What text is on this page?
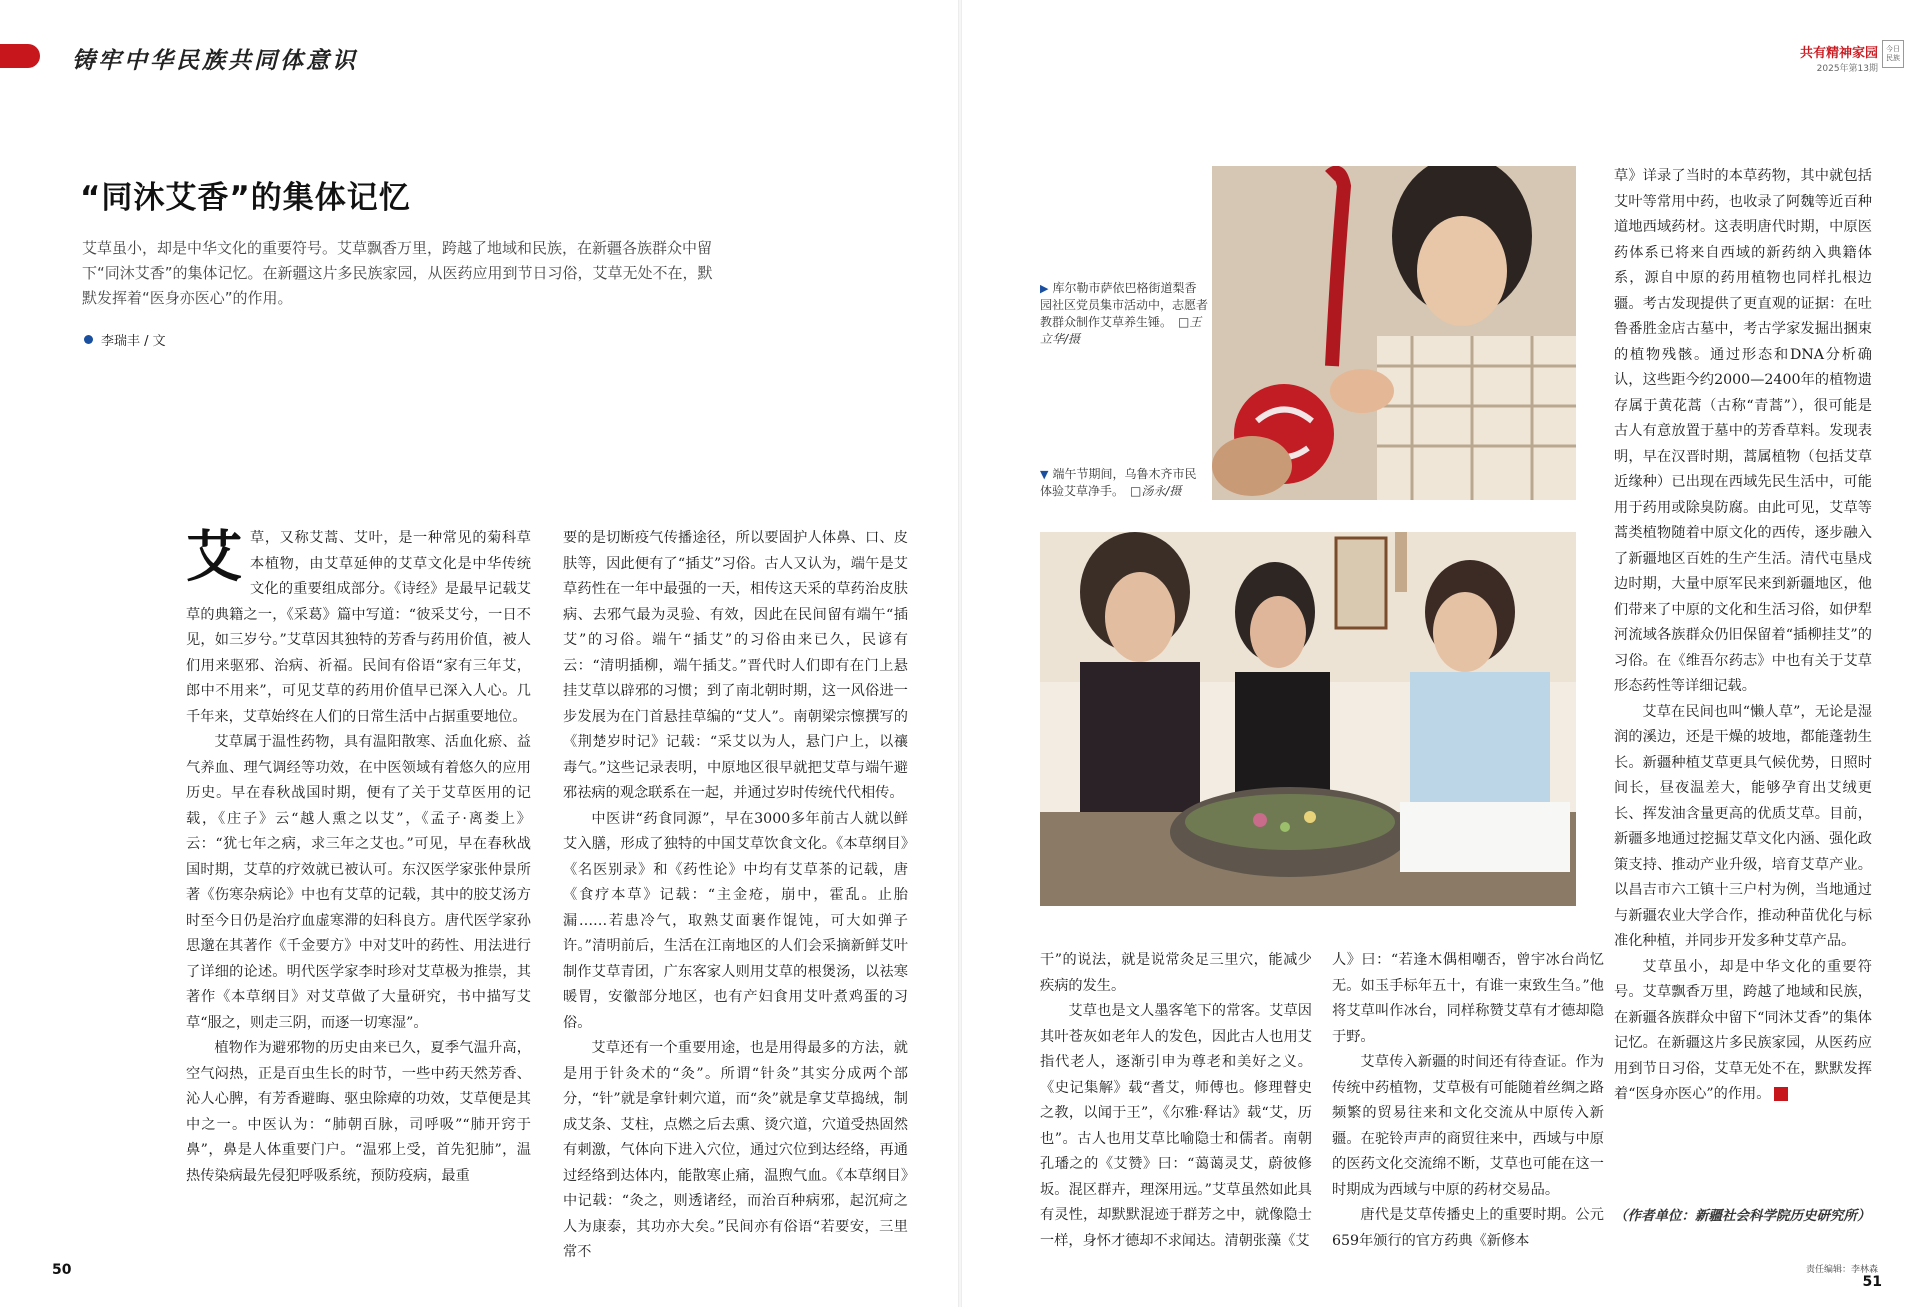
铸牢中华民族共同体意识
“同沐艾香”的集体记忆

艾草虽小，却是中华文化的重要符号。艾草飘香万里，跨越了地域和民族，在新疆各族群众中留下“同沐艾香”的集体记忆。在新疆这片多民族家园，从医药应用到节日习俗，艾草无处不在，默默发挥着“医身亦医心”的作用。

李瑞丰 / 文

艾草，又称艾蒿、艾叶，是一种常见的菊科草本植物，由艾草延伸的艾草文化是中华传统文化的重要组成部分。《诗经》是最早记载艾草的典籍之一，《采葛》篇中写道：“彼采艾兮，一日不见，如三岁兮。”艾草因其独特的芳香与药用价值，被人们用来驱邪、治病、祈福。民间有俗语“家有三年艾，郎中不用来”，可见艾草的药用价值早已深入人心。几千年来，艾草始终在人们的日常生活中占据重要地位。

艾草属于温性药物，具有温阳散寒、活血化瘀、益气养血、理气调经等功效，在中医领域有着悠久的应用历史。早在春秋战国时期，便有了关于艾草医用的记载，《庄子》云“越人熏之以艾”，《孟子·离娄上》云：“犹七年之病，求三年之艾也。”可见，早在春秋战国时期，艾草的疗效就已被认可。东汉医学家张仲景所著《伤寒杂病论》中也有艾草的记载，其中的胶艾汤方时至今日仍是治疗血虚寒滞的妇科良方。唐代医学家孙思邈在其著作《千金要方》中对艾叶的药性、用法进行了详细的论述。明代医学家李时珍对艾草极为推崇，其著作《本草纲目》对艾草做了大量研究，书中描写艾草“服之，则走三阴，而逐一切寒湿”。

植物作为避邪物的历史由来已久，夏季气温升高，空气闷热，正是百虫生长的时节，一些中药天然芳香、沁人心脾，有芳香避晦、驱虫除瘴的功效，艾草便是其中之一。中医认为：“肺朝百脉，司呼吸”“肺开窍于鼻”，鼻是人体重要门户。“温邪上受，首先犯肺”，温热传染病最先侵犯呼吸系统，预防疫病，最重

要的是切断疫气传播途径，所以要固护人体鼻、口、皮肤等，因此便有了“插艾”习俗。古人又认为，端午是艾草药性在一年中最强的一天，相传这天采的草药治皮肤病、去邪气最为灵验、有效，因此在民间留有端午“插艾”的习俗。端午“插艾”的习俗由来已久，民谚有云：“清明插柳，端午插艾。”晋代时人们即有在门上悬挂艾草以辟邪的习惯；到了南北朝时期，这一风俗进一步发展为在门首悬挂草编的“艾人”。南朝梁宗懔撰写的《荆楚岁时记》记载：“采艾以为人，悬门户上，以禳毒气。”这些记录表明，中原地区很早就把艾草与端午避邪祛病的观念联系在一起，并通过岁时传统代代相传。

中医讲“药食同源”，早在3000多年前古人就以鲜艾入膳，形成了独特的中国艾草饮食文化。《本草纲目》《名医别录》和《药性论》中均有艾草茶的记载，唐《食疗本草》记载：“主金疮，崩中，霍乱。止胎漏……若患冷气，取熟艾面裹作馄饨，可大如弹子许。”清明前后，生活在江南地区的人们会采摘新鲜艾叶制作艾草青团，广东客家人则用艾草的根煲汤，以祛寒暖胃，安徽部分地区，也有产妇食用艾叶煮鸡蛋的习俗。

艾草还有一个重要用途，也是用得最多的方法，就是用于针灸术的“灸”。所谓“针灸”其实分成两个部分，“针”就是拿针刺穴道，而“灸”就是拿艾草捣绒，制成艾条、艾柱，点燃之后去熏、烫穴道，穴道受热固然有刺激，气体向下进入穴位，通过穴位到达经络，再通过经络到达体内，能散寒止痛，温煦气血。《本草纲目》中记载：“灸之，则透诸经，而治百种病邪，起沉疴之人为康泰，其功亦大矣。”民间亦有俗语“若要安，三里常不

50
共有精神家园
2025年第13期
今日民族
▶ 库尔勒市萨依巴格街道梨香园社区党员集市活动中，志愿者教群众制作艾草养生锤。 □王立华/摄
▼ 端午节期间，乌鲁木齐市民体验艾草净手。 □汤永/摄

干”的说法，就是说常灸足三里穴，能减少疾病的发生。

艾草也是文人墨客笔下的常客。艾草因其叶苍灰如老年人的发色，因此古人也用艾指代老人，逐渐引申为尊老和美好之义。《史记集解》载“耆艾，师傅也。修理瞽史之教，以闻于王”，《尔雅·释诂》载“艾，历也”。古人也用艾草比喻隐士和儒者。南朝孔璠之的《艾赞》曰：“蔼蔼灵艾，蔚彼修坂。混区群卉，理深用远。”艾草虽然如此具有灵性，却默默混迹于群芳之中，就像隐士一样，身怀才德却不求闻达。清朝张藻《艾

人》曰：“若逢木偶相嘲否，曾宇冰台尚忆无。如玉手标年五十，有谁一束致生刍。”他将艾草叫作冰台，同样称赞艾草有才德却隐于野。

艾草传入新疆的时间还有待查证。作为传统中药植物，艾草极有可能随着丝绸之路频繁的贸易往来和文化交流从中原传入新疆。在驼铃声声的商贸往来中，西域与中原的医药文化交流绵不断，艾草也可能在这一时期成为西域与中原的药材交易品。

唐代是艾草传播史上的重要时期。公元659年颁行的官方药典《新修本

草》详录了当时的本草药物，其中就包括艾叶等常用中药，也收录了阿魏等近百种道地西域药材。这表明唐代时期，中原医药体系已将来自西域的新药纳入典籍体系，源自中原的药用植物也同样扎根边疆。考古发现提供了更直观的证据：在吐鲁番胜金店古墓中，考古学家发掘出捆束的植物残骸。通过形态和DNA分析确认，这些距今约2000—2400年的植物遗存属于黄花蒿（古称“青蒿”），很可能是古人有意放置于墓中的芳香草料。发现表明，早在汉晋时期，蒿属植物（包括艾草近缘种）已出现在西域先民生活中，可能用于药用或除臭防腐。由此可见，艾草等蒿类植物随着中原文化的西传，逐步融入了新疆地区百姓的生产生活。清代屯垦戍边时期，大量中原军民来到新疆地区，他们带来了中原的文化和生活习俗，如伊犁河流域各族群众仍旧保留着“插柳挂艾”的习俗。在《维吾尔药志》中也有关于艾草形态药性等详细记载。

艾草在民间也叫“懒人草”，无论是湿润的溪边，还是干燥的坡地，都能蓬勃生长。新疆种植艾草更具气候优势，日照时间长，昼夜温差大，能够孕育出艾绒更长、挥发油含量更高的优质艾草。目前，新疆多地通过挖掘艾草文化内涵、强化政策支持、推动产业升级，培育艾草产业。以昌吉市六工镇十三户村为例，当地通过与新疆农业大学合作，推动种苗优化与标准化种植，并同步开发多种艾草产品。

艾草虽小，却是中华文化的重要符号。艾草飘香万里，跨越了地域和民族，在新疆各族群众中留下“同沐艾香”的集体记忆。在新疆这片多民族家园，从医药应用到节日习俗，艾草无处不在，默默发挥着“医身亦医心”的作用。

（作者单位：新疆社会科学院历史研究所）
责任编辑：李林森
51
